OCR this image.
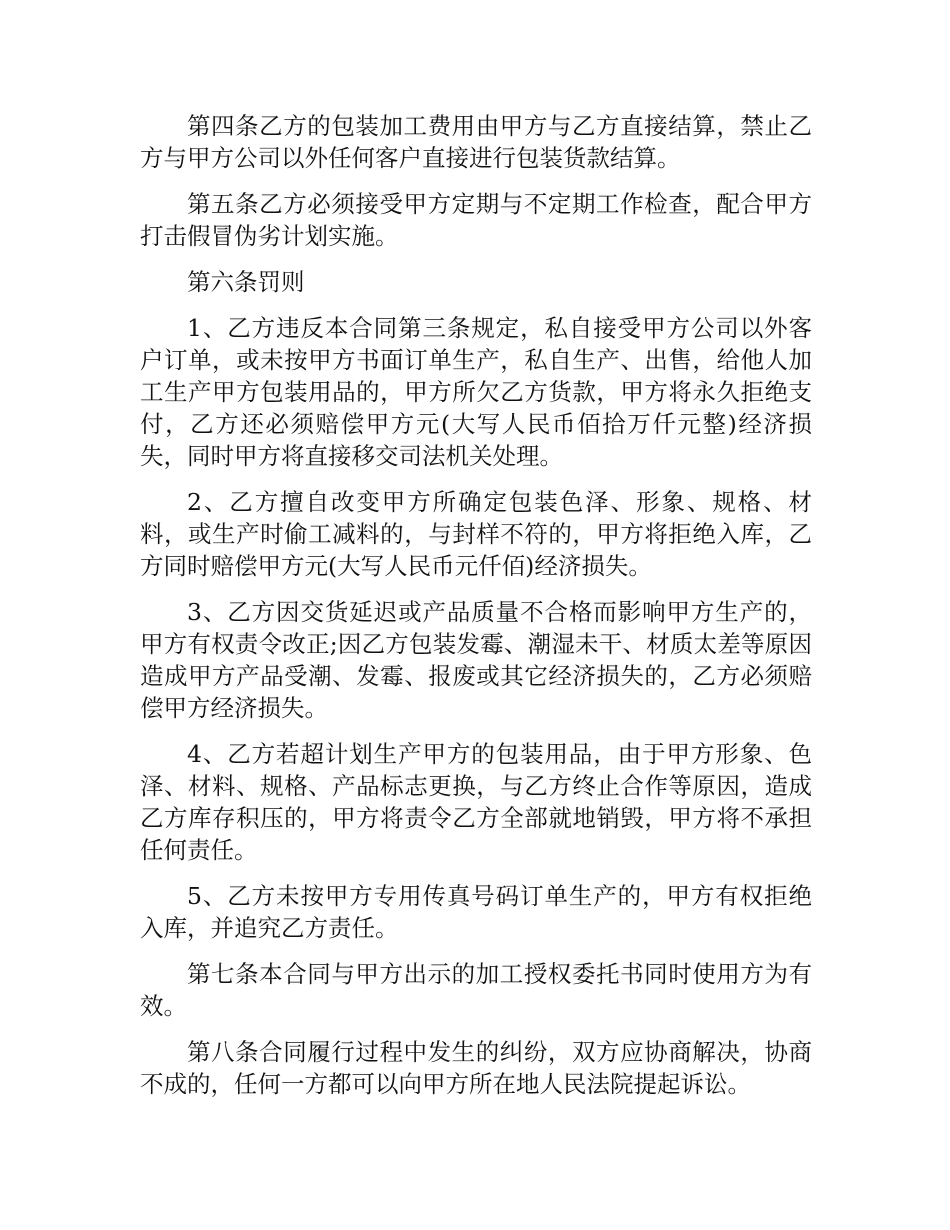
第四条乙方的包装加工费用由甲方与乙方直接结算，禁止乙方与甲方公司以外任何客户直接进行包装货款结算。

第五条乙方必须接受甲方定期与不定期工作检查，配合甲方打击假冒伪劣计划实施。

第六条罚则

1、乙方违反本合同第三条规定，私自接受甲方公司以外客户订单，或未按甲方书面订单生产，私自生产、出售，给他人加工生产甲方包装用品的，甲方所欠乙方货款，甲方将永久拒绝支付，乙方还必须赔偿甲方元(大写人民币佰拾万仟元整)经济损失，同时甲方将直接移交司法机关处理。

2、乙方擅自改变甲方所确定包装色泽、形象、规格、材料，或生产时偷工减料的，与封样不符的，甲方将拒绝入库，乙方同时赔偿甲方元(大写人民币元仟佰)经济损失。

3、乙方因交货延迟或产品质量不合格而影响甲方生产的，甲方有权责令改正;因乙方包装发霉、潮湿未干、材质太差等原因造成甲方产品受潮、发霉、报废或其它经济损失的，乙方必须赔偿甲方经济损失。

4、乙方若超计划生产甲方的包装用品，由于甲方形象、色泽、材料、规格、产品标志更换，与乙方终止合作等原因，造成乙方库存积压的，甲方将责令乙方全部就地销毁，甲方将不承担任何责任。

5、乙方未按甲方专用传真号码订单生产的，甲方有权拒绝入库，并追究乙方责任。

第七条本合同与甲方出示的加工授权委托书同时使用方为有效。

第八条合同履行过程中发生的纠纷，双方应协商解决，协商不成的，任何一方都可以向甲方所在地人民法院提起诉讼。
